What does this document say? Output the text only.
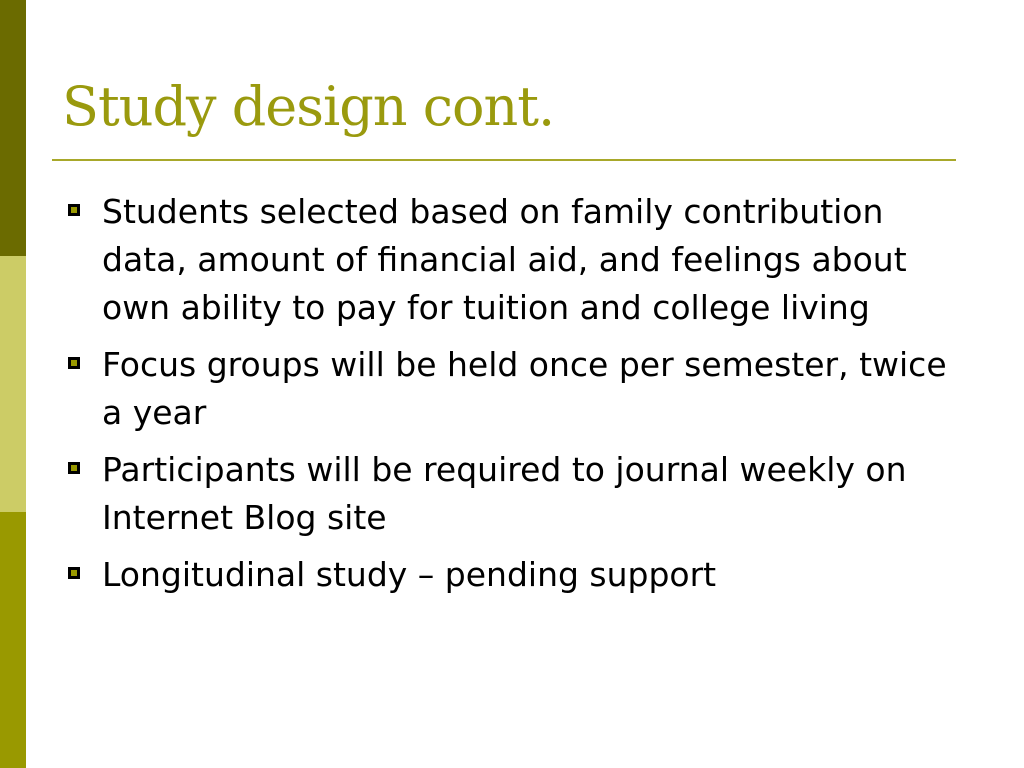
Study design cont.
Students selected based on family contribution data, amount of financial aid, and feelings about own ability to pay for tuition and college living
Focus groups will be held once per semester, twice a year
Participants will be required to journal weekly on Internet Blog site
Longitudinal study – pending support
